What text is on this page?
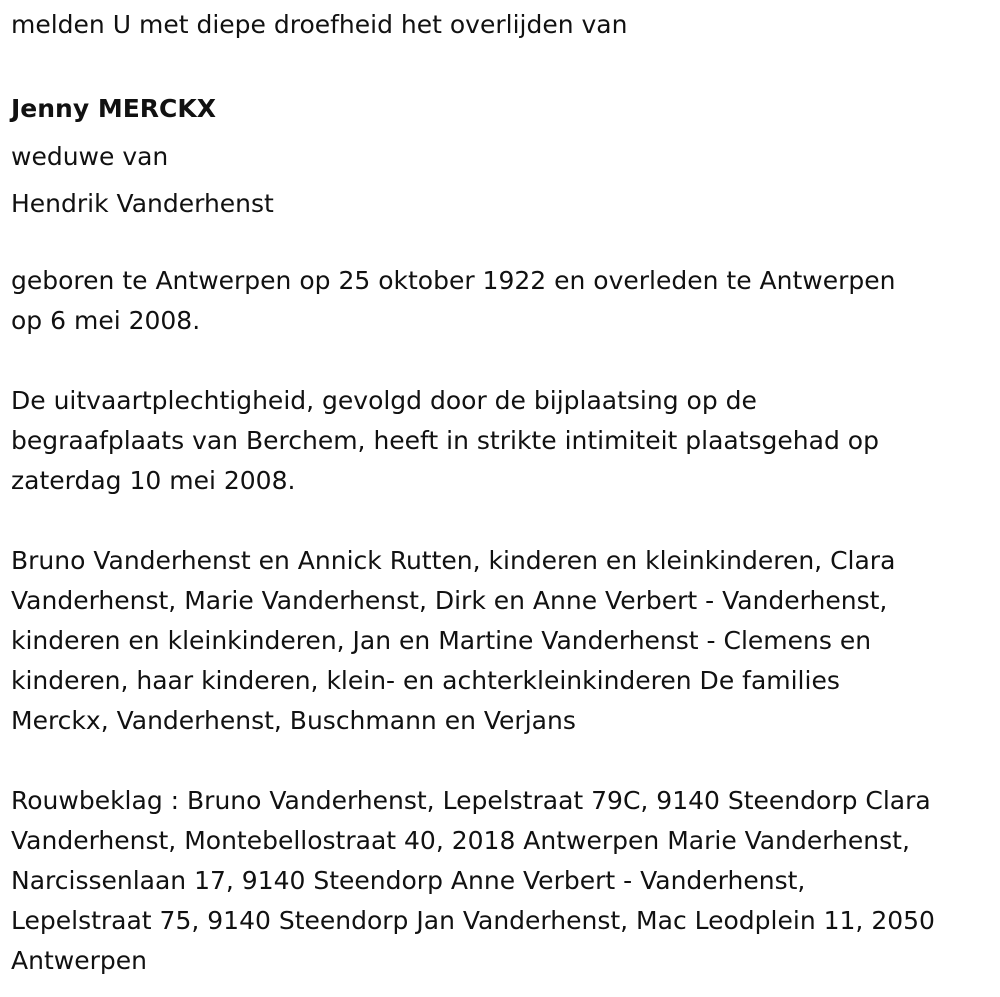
melden U met diepe droefheid het overlijden van

Jenny MERCKX

weduwe van

Hendrik Vanderhenst

geboren te Antwerpen op 25 oktober 1922 en overleden te Antwerpen

op 6 mei 2008.

De uitvaartplechtigheid, gevolgd door de bijplaatsing op de

begraafplaats van Berchem, heeft in strikte intimiteit plaatsgehad op

zaterdag 10 mei 2008.

Bruno Vanderhenst en Annick Rutten, kinderen en kleinkinderen, Clara

Vanderhenst, Marie Vanderhenst, Dirk en Anne Verbert - Vanderhenst,

kinderen en kleinkinderen, Jan en Martine Vanderhenst - Clemens en

kinderen, haar kinderen, klein- en achterkleinkinderen De families

Merckx, Vanderhenst, Buschmann en Verjans

Rouwbeklag : Bruno Vanderhenst, Lepelstraat 79C, 9140 Steendorp Clara

Vanderhenst, Montebellostraat 40, 2018 Antwerpen Marie Vanderhenst,

Narcissenlaan 17, 9140 Steendorp Anne Verbert - Vanderhenst,

Lepelstraat 75, 9140 Steendorp Jan Vanderhenst, Mac Leodplein 11, 2050

Antwerpen
